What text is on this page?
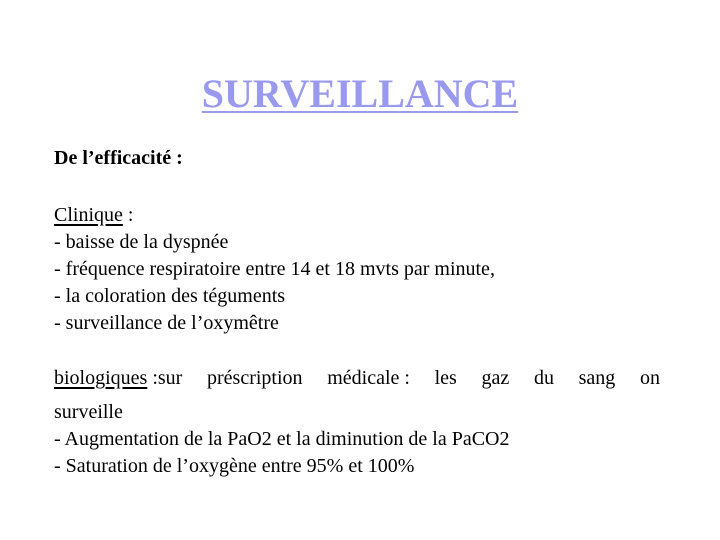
SURVEILLANCE
De l’efficacité :
Clinique :
- baisse de la dyspnée
- fréquence respiratoire entre 14 et 18 mvts par minute,
- la coloration des téguments
- surveillance de l’oxymêtre
biologiques :sur préscription médicale : les gaz du sang on
surveille
- Augmentation de la PaO2 et la diminution de la PaCO2
- Saturation de l’oxygène entre 95% et 100%
